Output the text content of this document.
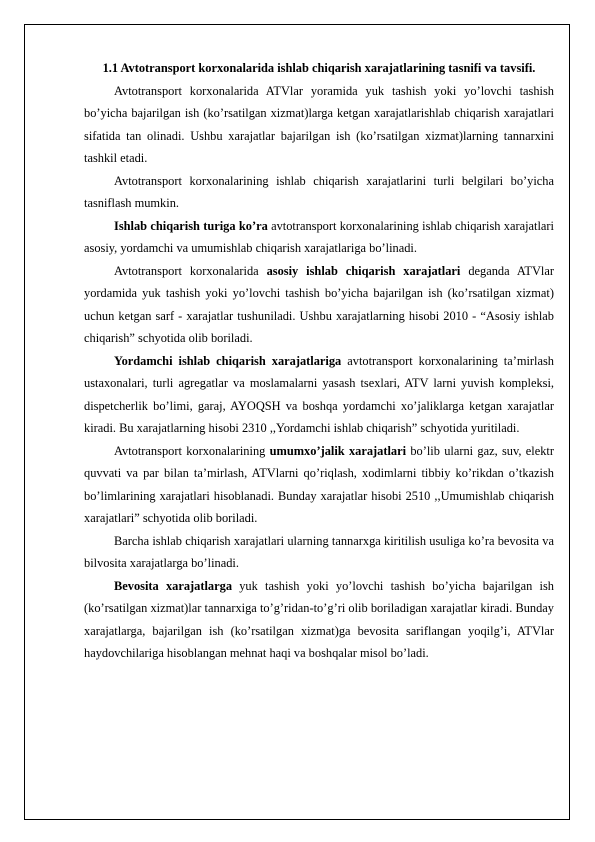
1.1 Avtotransport korxonalarida ishlab chiqarish xarajatlarining tasnifi va tavsifi.

Avtotransport korxonalarida ATVlar yoramida yuk tashish yoki yo’lovchi tashish bo’yicha bajarilgan ish (ko’rsatilgan xizmat)larga ketgan xarajatlarishlab chiqarish xarajatlari sifatida tan olinadi. Ushbu xarajatlar bajarilgan ish (ko’rsatilgan xizmat)larning tannarxini tashkil etadi.

Avtotransport korxonalarining ishlab chiqarish xarajatlarini turli belgilari bo’yicha tasniflash mumkin.

Ishlab chiqarish turiga ko’ra avtotransport korxonalarining ishlab chiqarish xarajatlari asosiy, yordamchi va umumishlab chiqarish xarajatlariga bo’linadi.

Avtotransport korxonalarida asosiy ishlab chiqarish xarajatlari deganda ATVlar yordamida yuk tashish yoki yo’lovchi tashish bo’yicha bajarilgan ish (ko’rsatilgan xizmat) uchun ketgan sarf - xarajatlar tushuniladi. Ushbu xarajatlarning hisobi 2010 - “Asosiy ishlab chiqarish” schyotida olib boriladi.

Yordamchi ishlab chiqarish xarajatlariga avtotransport korxonalarining ta’mirlash ustaxonalari, turli agregatlar va moslamalarni yasash tsexlari, ATV larni yuvish kompleksi, dispetcherlik bo’limi, garaj, AYOQSH va boshqa yordamchi xo’jaliklarga ketgan xarajatlar kiradi. Bu xarajatlarning hisobi 2310 ,,Yordamchi ishlab chiqarish” schyotida yuritiladi.

Avtotransport korxonalarining umumxo’jalik xarajatlari bo’lib ularni gaz, suv, elektr quvvati va par bilan ta’mirlash, ATVlarni qo’riqlash, xodimlarni tibbiy ko’rikdan o’tkazish bo’limlarining xarajatlari hisoblanadi. Bunday xarajatlar hisobi 2510 ,,Umumishlab chiqarish xarajatlari” schyotida olib boriladi.

Barcha ishlab chiqarish xarajatlari ularning tannarxga kiritilish usuliga ko’ra bevosita va bilvosita xarajatlarga bo’linadi.

Bevosita xarajatlarga yuk tashish yoki yo’lovchi tashish bo’yicha bajarilgan ish (ko’rsatilgan xizmat)lar tannarxiga to’g’ridan-to’g’ri olib boriladigan xarajatlar kiradi. Bunday xarajatlarga, bajarilgan ish (ko’rsatilgan xizmat)ga bevosita sariflangan yoqilg’i, ATVlar haydovchilariga hisoblangan mehnat haqi va boshqalar misol bo’ladi.
